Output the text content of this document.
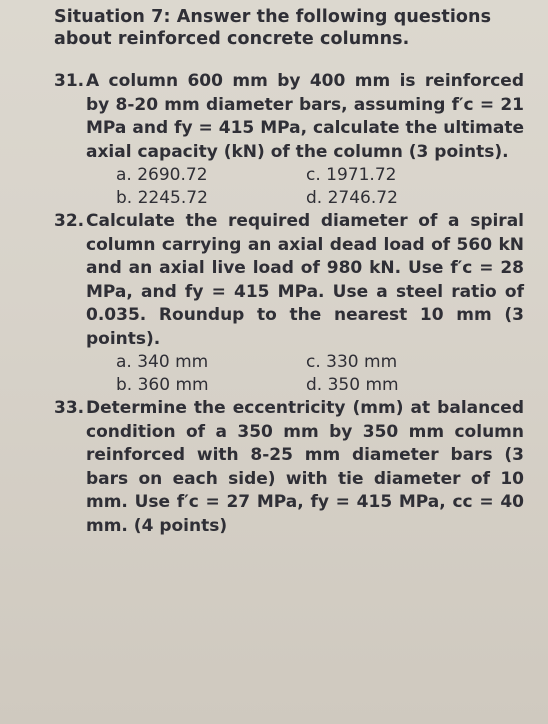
Situation 7: Answer the following questions about reinforced concrete columns.
31. A column 600 mm by 400 mm is reinforced by 8-20 mm diameter bars, assuming f′c = 21 MPa and fy = 415 MPa, calculate the ultimate axial capacity (kN) of the column (3 points).
a. 2690.72	c. 1971.72
b. 2245.72	d. 2746.72
32. Calculate the required diameter of a spiral column carrying an axial dead load of 560 kN and an axial live load of 980 kN. Use f′c = 28 MPa, and fy = 415 MPa. Use a steel ratio of 0.035. Roundup to the nearest 10 mm (3 points).
a. 340 mm	c. 330 mm
b. 360 mm	d. 350 mm
33. Determine the eccentricity (mm) at balanced condition of a 350 mm by 350 mm column reinforced with 8-25 mm diameter bars (3 bars on each side) with tie diameter of 10 mm. Use f′c = 27 MPa, fy = 415 MPa, cc = 40 mm. (4 points)
